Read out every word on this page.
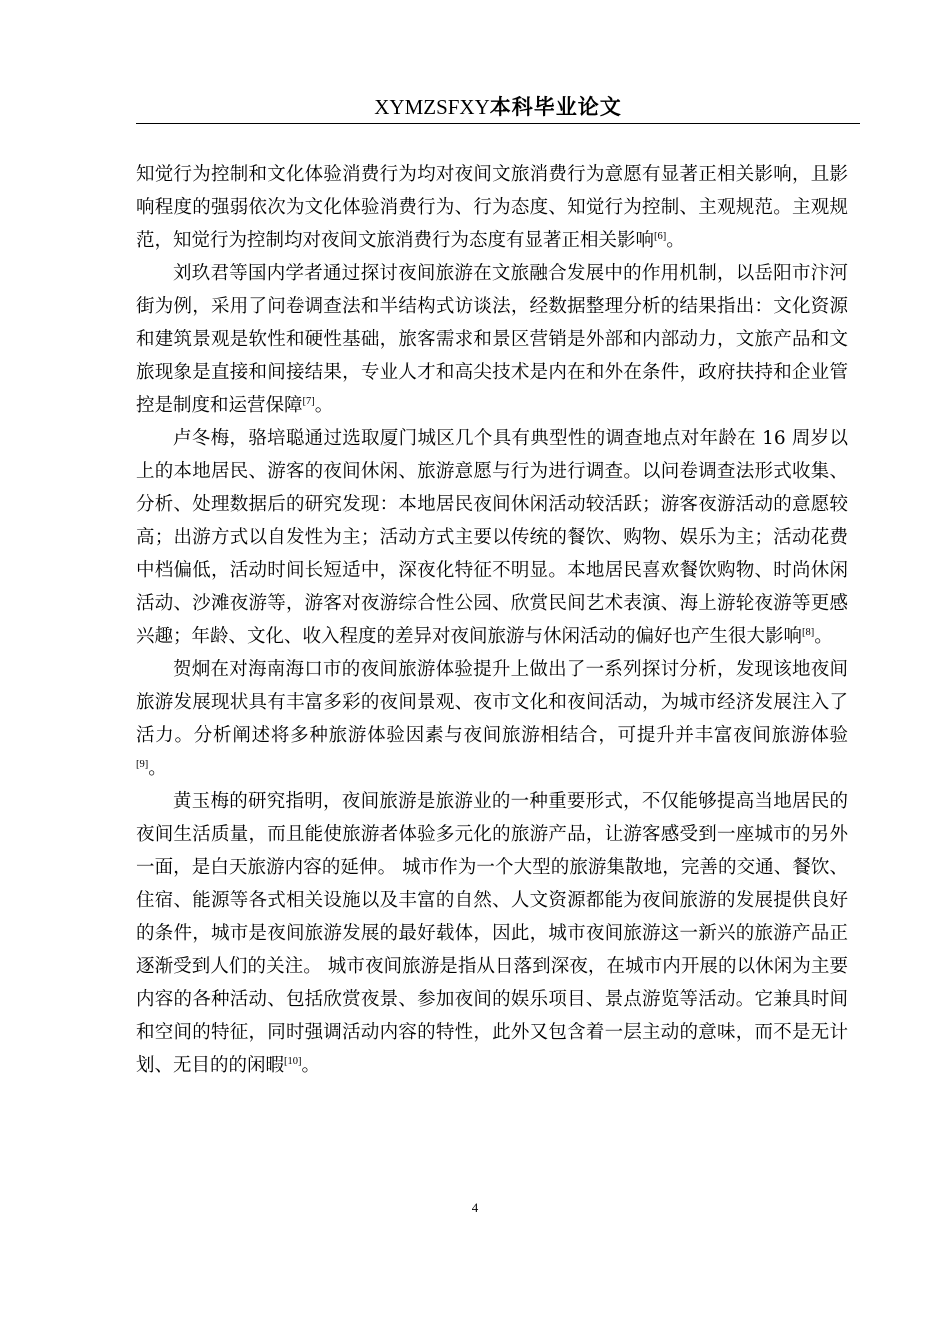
XYMZSFXY本科毕业论文

知觉行为控制和文化体验消费行为均对夜间文旅消费行为意愿有显著正相关影响，且影响程度的强弱依次为文化体验消费行为、行为态度、知觉行为控制、主观规范。主观规范，知觉行为控制均对夜间文旅消费行为态度有显著正相关影响[6]。

刘玖君等国内学者通过探讨夜间旅游在文旅融合发展中的作用机制，以岳阳市汴河街为例，采用了问卷调查法和半结构式访谈法，经数据整理分析的结果指出：文化资源和建筑景观是软性和硬性基础，旅客需求和景区营销是外部和内部动力，文旅产品和文旅现象是直接和间接结果，专业人才和高尖技术是内在和外在条件，政府扶持和企业管控是制度和运营保障[7]。

卢冬梅，骆培聪通过选取厦门城区几个具有典型性的调查地点对年龄在 16 周岁以上的本地居民、游客的夜间休闲、旅游意愿与行为进行调查。以问卷调查法形式收集、分析、处理数据后的研究发现：本地居民夜间休闲活动较活跃；游客夜游活动的意愿较高；出游方式以自发性为主；活动方式主要以传统的餐饮、购物、娱乐为主；活动花费中档偏低，活动时间长短适中，深夜化特征不明显。本地居民喜欢餐饮购物、时尚休闲活动、沙滩夜游等，游客对夜游综合性公园、欣赏民间艺术表演、海上游轮夜游等更感兴趣；年龄、文化、收入程度的差异对夜间旅游与休闲活动的偏好也产生很大影响[8]。

贺炯在对海南海口市的夜间旅游体验提升上做出了一系列探讨分析，发现该地夜间旅游发展现状具有丰富多彩的夜间景观、夜市文化和夜间活动，为城市经济发展注入了活力。分析阐述将多种旅游体验因素与夜间旅游相结合，可提升并丰富夜间旅游体验[9]。

黄玉梅的研究指明，夜间旅游是旅游业的一种重要形式，不仅能够提高当地居民的夜间生活质量，而且能使旅游者体验多元化的旅游产品，让游客感受到一座城市的另外一面，是白天旅游内容的延伸。 城市作为一个大型的旅游集散地，完善的交通、餐饮、住宿、能源等各式相关设施以及丰富的自然、人文资源都能为夜间旅游的发展提供良好的条件，城市是夜间旅游发展的最好载体，因此，城市夜间旅游这一新兴的旅游产品正逐渐受到人们的关注。 城市夜间旅游是指从日落到深夜，在城市内开展的以休闲为主要内容的各种活动、包括欣赏夜景、参加夜间的娱乐项目、景点游览等活动。它兼具时间和空间的特征，同时强调活动内容的特性，此外又包含着一层主动的意味，而不是无计划、无目的的闲暇[10]。

4
